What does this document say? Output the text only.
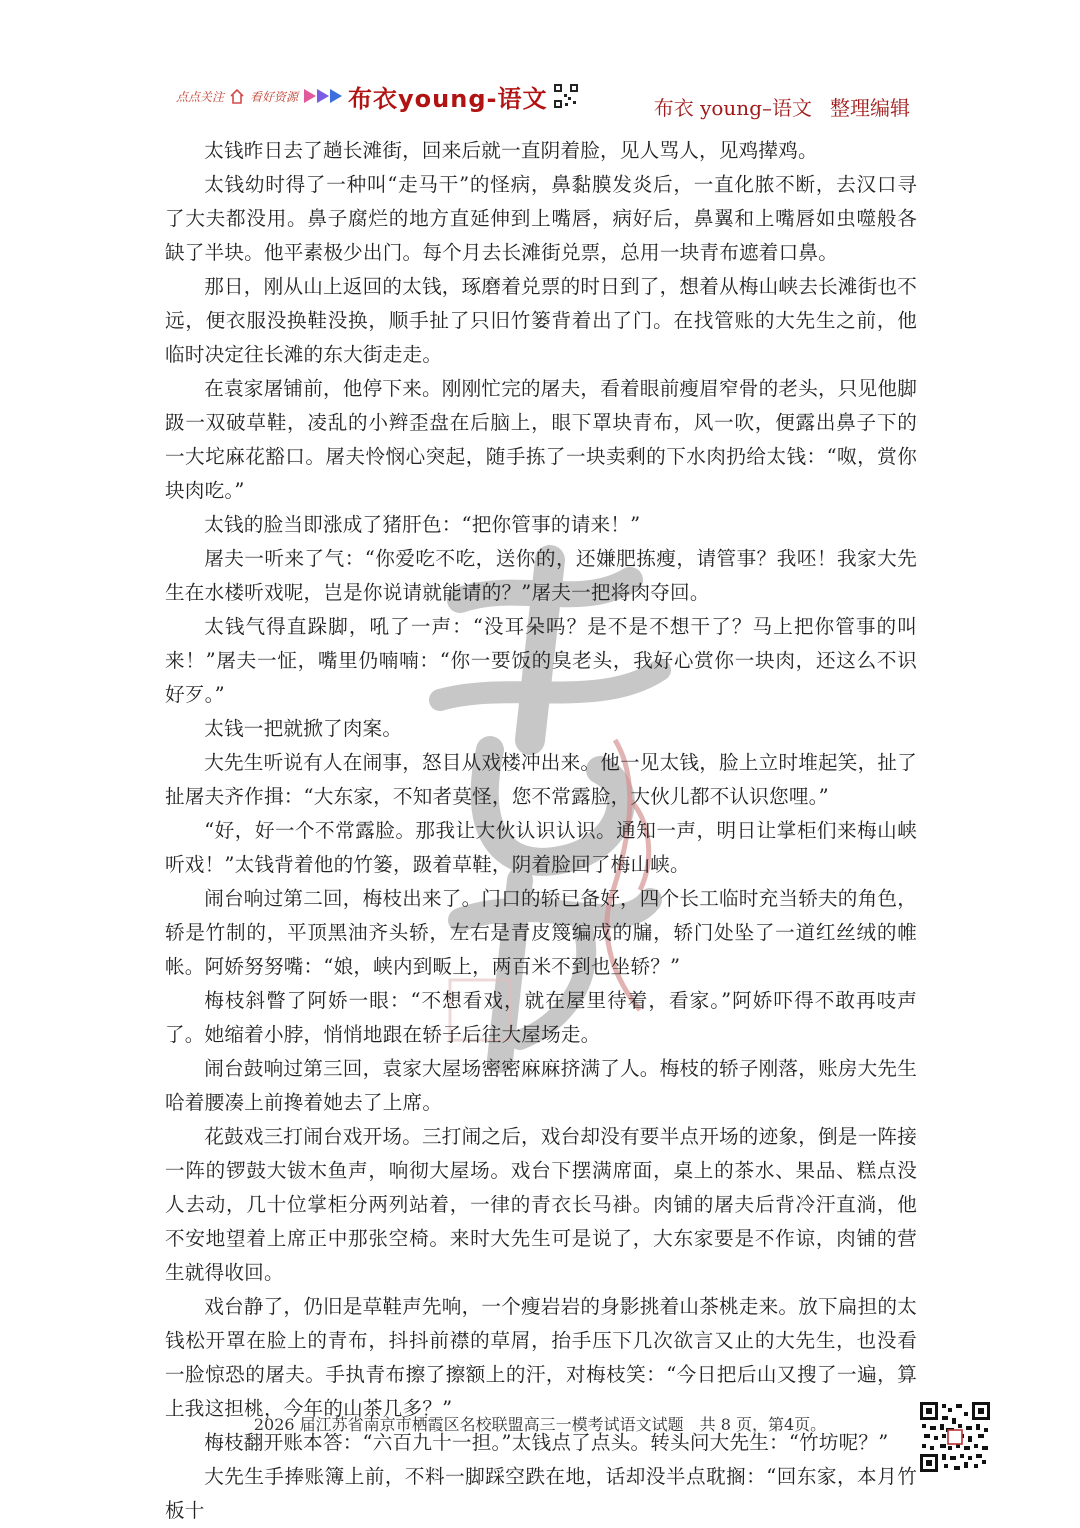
点点关注 看好资源 布衣young-语文	布衣 young–语文 整理编辑

太钱昨日去了趟长滩街，回来后就一直阴着脸，见人骂人，见鸡撵鸡。

太钱幼时得了一种叫“走马干”的怪病，鼻黏膜发炎后，一直化脓不断，去汉口寻了大夫都没用。鼻子腐烂的地方直延伸到上嘴唇，病好后，鼻翼和上嘴唇如虫噬般各缺了半块。他平素极少出门。每个月去长滩街兑票，总用一块青布遮着口鼻。

那日，刚从山上返回的太钱，琢磨着兑票的时日到了，想着从梅山峡去长滩街也不远，便衣服没换鞋没换，顺手扯了只旧竹篓背着出了门。在找管账的大先生之前，他临时决定往长滩的东大街走走。

在袁家屠铺前，他停下来。刚刚忙完的屠夫，看着眼前瘦眉窄骨的老头，只见他脚趿一双破草鞋，凌乱的小辫歪盘在后脑上，眼下罩块青布，风一吹，便露出鼻子下的一大坨麻花豁口。屠夫怜悯心突起，随手拣了一块卖剩的下水肉扔给太钱：“呶，赏你块肉吃。”

太钱的脸当即涨成了猪肝色：“把你管事的请来！”

屠夫一听来了气：“你爱吃不吃，送你的，还嫌肥拣瘦，请管事？我呸！我家大先生在水楼听戏呢，岂是你说请就能请的？”屠夫一把将肉夺回。

太钱气得直跺脚，吼了一声：“没耳朵吗？是不是不想干了？马上把你管事的叫来！”屠夫一怔，嘴里仍喃喃：“你一要饭的臭老头，我好心赏你一块肉，还这么不识好歹。”

太钱一把就掀了肉案。

大先生听说有人在闹事，怒目从戏楼冲出来。他一见太钱，脸上立时堆起笑，扯了扯屠夫齐作揖：“大东家，不知者莫怪，您不常露脸，大伙儿都不认识您哩。”

“好，好一个不常露脸。那我让大伙认识认识。通知一声，明日让掌柜们来梅山峡听戏！”太钱背着他的竹篓，趿着草鞋，阴着脸回了梅山峡。

闹台响过第二回，梅枝出来了。门口的轿已备好，四个长工临时充当轿夫的角色，轿是竹制的，平顶黑油齐头轿，左右是青皮篾编成的牖，轿门处坠了一道红丝绒的帷帐。阿娇努努嘴：“娘，峡内到畈上，两百米不到也坐轿？”

梅枝斜瞥了阿娇一眼：“不想看戏，就在屋里待着，看家。”阿娇吓得不敢再吱声了。她缩着小脖，悄悄地跟在轿子后往大屋场走。

闹台鼓响过第三回，袁家大屋场密密麻麻挤满了人。梅枝的轿子刚落，账房大先生哈着腰凑上前搀着她去了上席。

花鼓戏三打闹台戏开场。三打闹之后，戏台却没有要半点开场的迹象，倒是一阵接一阵的锣鼓大钹木鱼声，响彻大屋场。戏台下摆满席面，桌上的茶水、果品、糕点没人去动，几十位掌柜分两列站着，一律的青衣长马褂。肉铺的屠夫后背冷汗直淌，他不安地望着上席正中那张空椅。来时大先生可是说了，大东家要是不作谅，肉铺的营生就得收回。

戏台静了，仍旧是草鞋声先响，一个瘦岩岩的身影挑着山茶桃走来。放下扁担的太钱松开罩在脸上的青布，抖抖前襟的草屑，抬手压下几次欲言又止的大先生，也没看一脸惊恐的屠夫。手执青布擦了擦额上的汗，对梅枝笑：“今日把后山又搜了一遍，算上我这担桃，今年的山茶几多？”

梅枝翻开账本答：“六百九十一担。”太钱点了点头。转头问大先生：“竹坊呢？”

大先生手捧账簿上前，不料一脚踩空跌在地，话却没半点耽搁：“回东家，本月竹板十

2026 届江苏省南京市栖霞区名校联盟高三一模考试语文试题　共 8 页，第4页。
